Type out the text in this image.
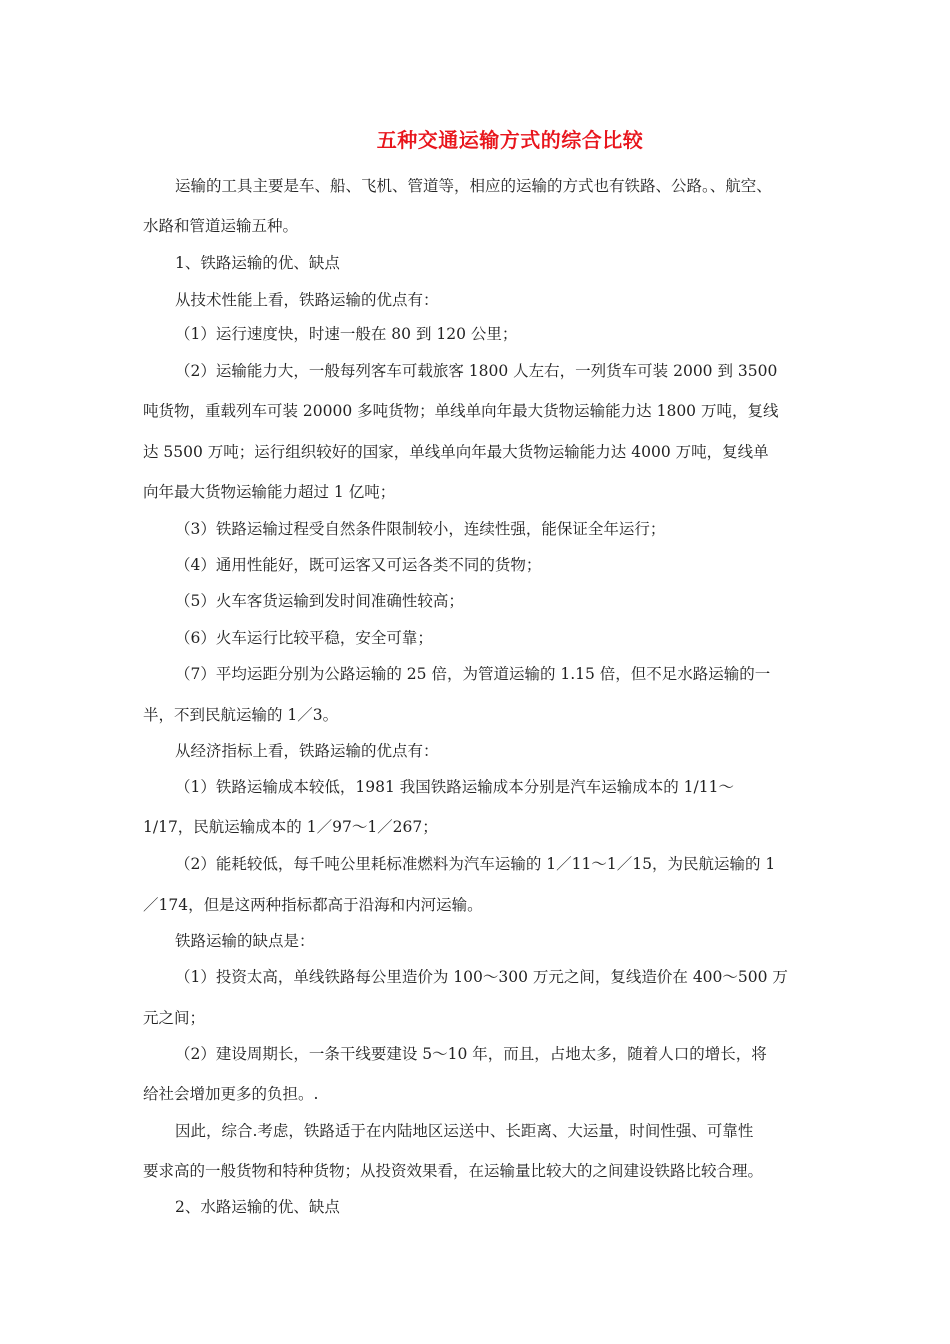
五种交通运输方式的综合比较
运输的工具主要是车、船、飞机、管道等，相应的运输的方式也有铁路、公路。、航空、
水路和管道运输五种。
1、铁路运输的优、缺点
从技术性能上看，铁路运输的优点有：
（1）运行速度快，时速一般在 80 到 120 公里；
（2）运输能力大，一般每列客车可载旅客 1800 人左右，一列货车可装 2000 到 3500
吨货物，重载列车可装 20000 多吨货物；单线单向年最大货物运输能力达 1800 万吨，复线
达 5500 万吨；运行组织较好的国家，单线单向年最大货物运输能力达 4000 万吨，复线单
向年最大货物运输能力超过 1 亿吨；
（3）铁路运输过程受自然条件限制较小，连续性强，能保证全年运行；
（4）通用性能好，既可运客又可运各类不同的货物；
（5）火车客货运输到发时间准确性较高；
（6）火车运行比较平稳，安全可靠；
（7）平均运距分别为公路运输的 25 倍，为管道运输的 1.15 倍，但不足水路运输的一
半，不到民航运输的 1／3。
从经济指标上看，铁路运输的优点有：
（1）铁路运输成本较低，1981 我国铁路运输成本分别是汽车运输成本的 1/11～
1/17，民航运输成本的 1／97～1／267；
（2）能耗较低，每千吨公里耗标准燃料为汽车运输的 1／11～1／15，为民航运输的 1
／174，但是这两种指标都高于沿海和内河运输。
铁路运输的缺点是：
（1）投资太高，单线铁路每公里造价为 100～300 万元之间，复线造价在 400～500 万
元之间；
（2）建设周期长，一条干线要建设 5～10 年，而且，占地太多，随着人口的增长，将
给社会增加更多的负担。.
因此，综合.考虑，铁路适于在内陆地区运送中、长距离、大运量，时间性强、可靠性
要求高的一般货物和特种货物；从投资效果看，在运输量比较大的之间建设铁路比较合理。
2、水路运输的优、缺点
